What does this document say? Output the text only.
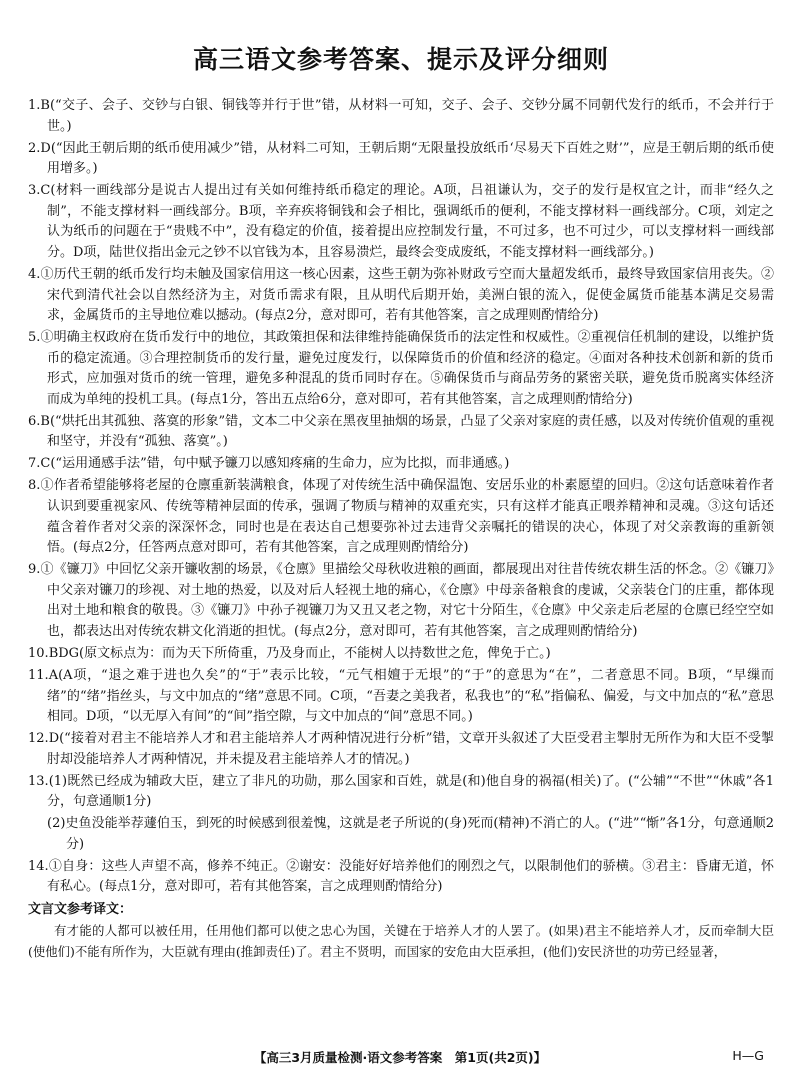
高三语文参考答案、提示及评分细则

1.B(“交子、会子、交钞与白银、铜钱等并行于世”错，从材料一可知，交子、会子、交钞分属不同朝代发行的纸币，不会并行于世。)

2.D(“因此王朝后期的纸币使用减少”错，从材料二可知，王朝后期“无限量投放纸币‘尽易天下百姓之财’”，应是王朝后期的纸币使用增多。)

3.C(材料一画线部分是说古人提出过有关如何维持纸币稳定的理论。A项，吕祖谦认为，交子的发行是权宜之计，而非“经久之制”，不能支撑材料一画线部分。B项，辛弃疾将铜钱和会子相比，强调纸币的便利，不能支撑材料一画线部分。C项，刘定之认为纸币的问题在于“贵贱不中”，没有稳定的价值，接着提出应控制发行量，不可过多，也不可过少，可以支撑材料一画线部分。D项，陆世仪指出金元之钞不以官钱为本，且容易溃烂，最终会变成废纸，不能支撑材料一画线部分。)

4.①历代王朝的纸币发行均未触及国家信用这一核心因素，这些王朝为弥补财政亏空而大量超发纸币，最终导致国家信用丧失。②宋代到清代社会以自然经济为主，对货币需求有限，且从明代后期开始，美洲白银的流入，促使金属货币能基本满足交易需求，金属货币的主导地位难以撼动。(每点2分，意对即可，若有其他答案，言之成理则酌情给分)

5.①明确主权政府在货币发行中的地位，其政策担保和法律维持能确保货币的法定性和权威性。②重视信任机制的建设，以维护货币的稳定流通。③合理控制货币的发行量，避免过度发行，以保障货币的价值和经济的稳定。④面对各种技术创新和新的货币形式，应加强对货币的统一管理，避免多种混乱的货币同时存在。⑤确保货币与商品劳务的紧密关联，避免货币脱离实体经济而成为单纯的投机工具。(每点1分，答出五点给6分，意对即可，若有其他答案，言之成理则酌情给分)

6.B(“烘托出其孤独、落寞的形象”错，文本二中父亲在黑夜里抽烟的场景，凸显了父亲对家庭的责任感，以及对传统价值观的重视和坚守，并没有“孤独、落寞”。)

7.C(“运用通感手法”错，句中赋予镰刀以感知疼痛的生命力，应为比拟，而非通感。)

8.①作者希望能够将老屋的仓廪重新装满粮食，体现了对传统生活中确保温饱、安居乐业的朴素愿望的回归。②这句话意味着作者认识到要重视家风、传统等精神层面的传承，强调了物质与精神的双重充实，只有这样才能真正喂养精神和灵魂。③这句话还蕴含着作者对父亲的深深怀念，同时也是在表达自己想要弥补过去违背父亲嘱托的错误的决心，体现了对父亲教诲的重新领悟。(每点2分，任答两点意对即可，若有其他答案，言之成理则酌情给分)

9.①《镰刀》中回忆父亲开镰收割的场景，《仓廪》里描绘父母秋收进粮的画面，都展现出对往昔传统农耕生活的怀念。②《镰刀》中父亲对镰刀的珍视、对土地的热爱，以及对后人轻视土地的痛心，《仓廪》中母亲备粮食的虔诚，父亲装仓门的庄重，都体现出对土地和粮食的敬畏。③《镰刀》中孙子视镰刀为又丑又老之物，对它十分陌生，《仓廪》中父亲走后老屋的仓廪已经空空如也，都表达出对传统农耕文化消逝的担忧。(每点2分，意对即可，若有其他答案，言之成理则酌情给分)

10.BDG(原文标点为：而为天下所倚重，乃及身而止，不能树人以持数世之危，俾免于亡。)

11.A(A项，“退之难于进也久矣”的“于”表示比较，“元气相嬗于无垠”的“于”的意思为“在”，二者意思不同。B项，“早缫而绪”的“绪”指丝头，与文中加点的“绪”意思不同。C项，“吾妻之美我者，私我也”的“私”指偏私、偏爱，与文中加点的“私”意思相同。D项，“以无厚入有间”的“间”指空隙，与文中加点的“间”意思不同。)

12.D(“接着对君主不能培养人才和君主能培养人才两种情况进行分析”错，文章开头叙述了大臣受君主掣肘无所作为和大臣不受掣肘却没能培养人才两种情况，并未提及君主能培养人才的情况。)

13.(1)既然已经成为辅政大臣，建立了非凡的功勋，那么国家和百姓，就是(和)他自身的祸福(相关)了。(“公辅”“不世”“休戚”各1分，句意通顺1分)

(2)史鱼没能举荐蘧伯玉，到死的时候感到很羞愧，这就是老子所说的(身)死而(精神)不消亡的人。(“进”“惭”各1分，句意通顺2分)

14.①自身：这些人声望不高，修养不纯正。②谢安：没能好好培养他们的刚烈之气，以限制他们的骄横。③君主：昏庸无道，怀有私心。(每点1分，意对即可，若有其他答案，言之成理则酌情给分)

文言文参考译文：

有才能的人都可以被任用，任用他们都可以使之忠心为国，关键在于培养人才的人罢了。(如果)君主不能培养人才，反而牵制大臣(使他们)不能有所作为，大臣就有理由(推卸责任)了。君主不贤明，而国家的安危由大臣承担，(他们)安民济世的功劳已经显著，

【高三3月质量检测·语文参考答案　第1页(共2页)】	H—G
